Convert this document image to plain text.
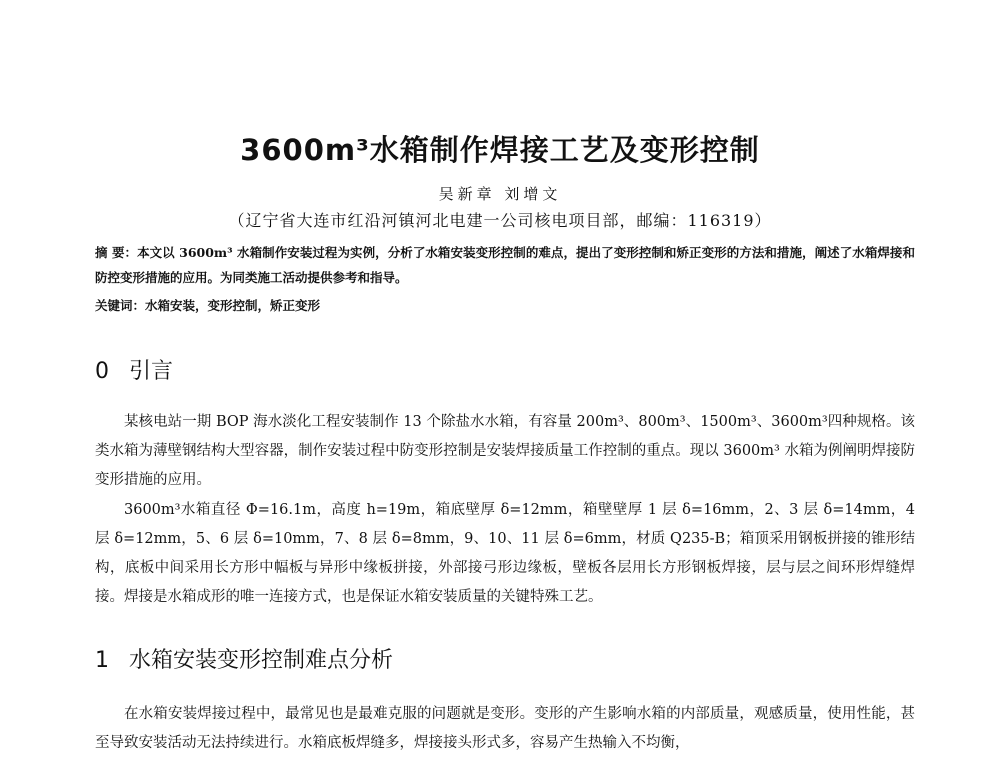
3600m³水箱制作焊接工艺及变形控制

吴新章 刘增文

（辽宁省大连市红沿河镇河北电建一公司核电项目部，邮编：116319）

摘 要：本文以 3600m³ 水箱制作安装过程为实例，分析了水箱安装变形控制的难点，提出了变形控制和矫正变形的方法和措施，阐述了水箱焊接和防控变形措施的应用。为同类施工活动提供参考和指导。

关键词：水箱安装，变形控制，矫正变形

0 引言

某核电站一期 BOP 海水淡化工程安装制作 13 个除盐水水箱，有容量 200m³、800m³、1500m³、3600m³四种规格。该类水箱为薄壁钢结构大型容器，制作安装过程中防变形控制是安装焊接质量工作控制的重点。现以 3600m³ 水箱为例阐明焊接防变形措施的应用。

3600m³水箱直径 Φ=16.1m，高度 h=19m，箱底壁厚 δ=12mm，箱壁壁厚 1 层 δ=16mm，2、3 层 δ=14mm，4 层 δ=12mm，5、6 层 δ=10mm，7、8 层 δ=8mm，9、10、11 层 δ=6mm，材质 Q235-B；箱顶采用钢板拼接的锥形结构，底板中间采用长方形中幅板与异形中缘板拼接，外部接弓形边缘板，壁板各层用长方形钢板焊接，层与层之间环形焊缝焊接。焊接是水箱成形的唯一连接方式，也是保证水箱安装质量的关键特殊工艺。

1 水箱安装变形控制难点分析

在水箱安装焊接过程中，最常见也是最难克服的问题就是变形。变形的产生影响水箱的内部质量，观感质量，使用性能，甚至导致安装活动无法持续进行。水箱底板焊缝多，焊接接头形式多，容易产生热输入不均衡，
